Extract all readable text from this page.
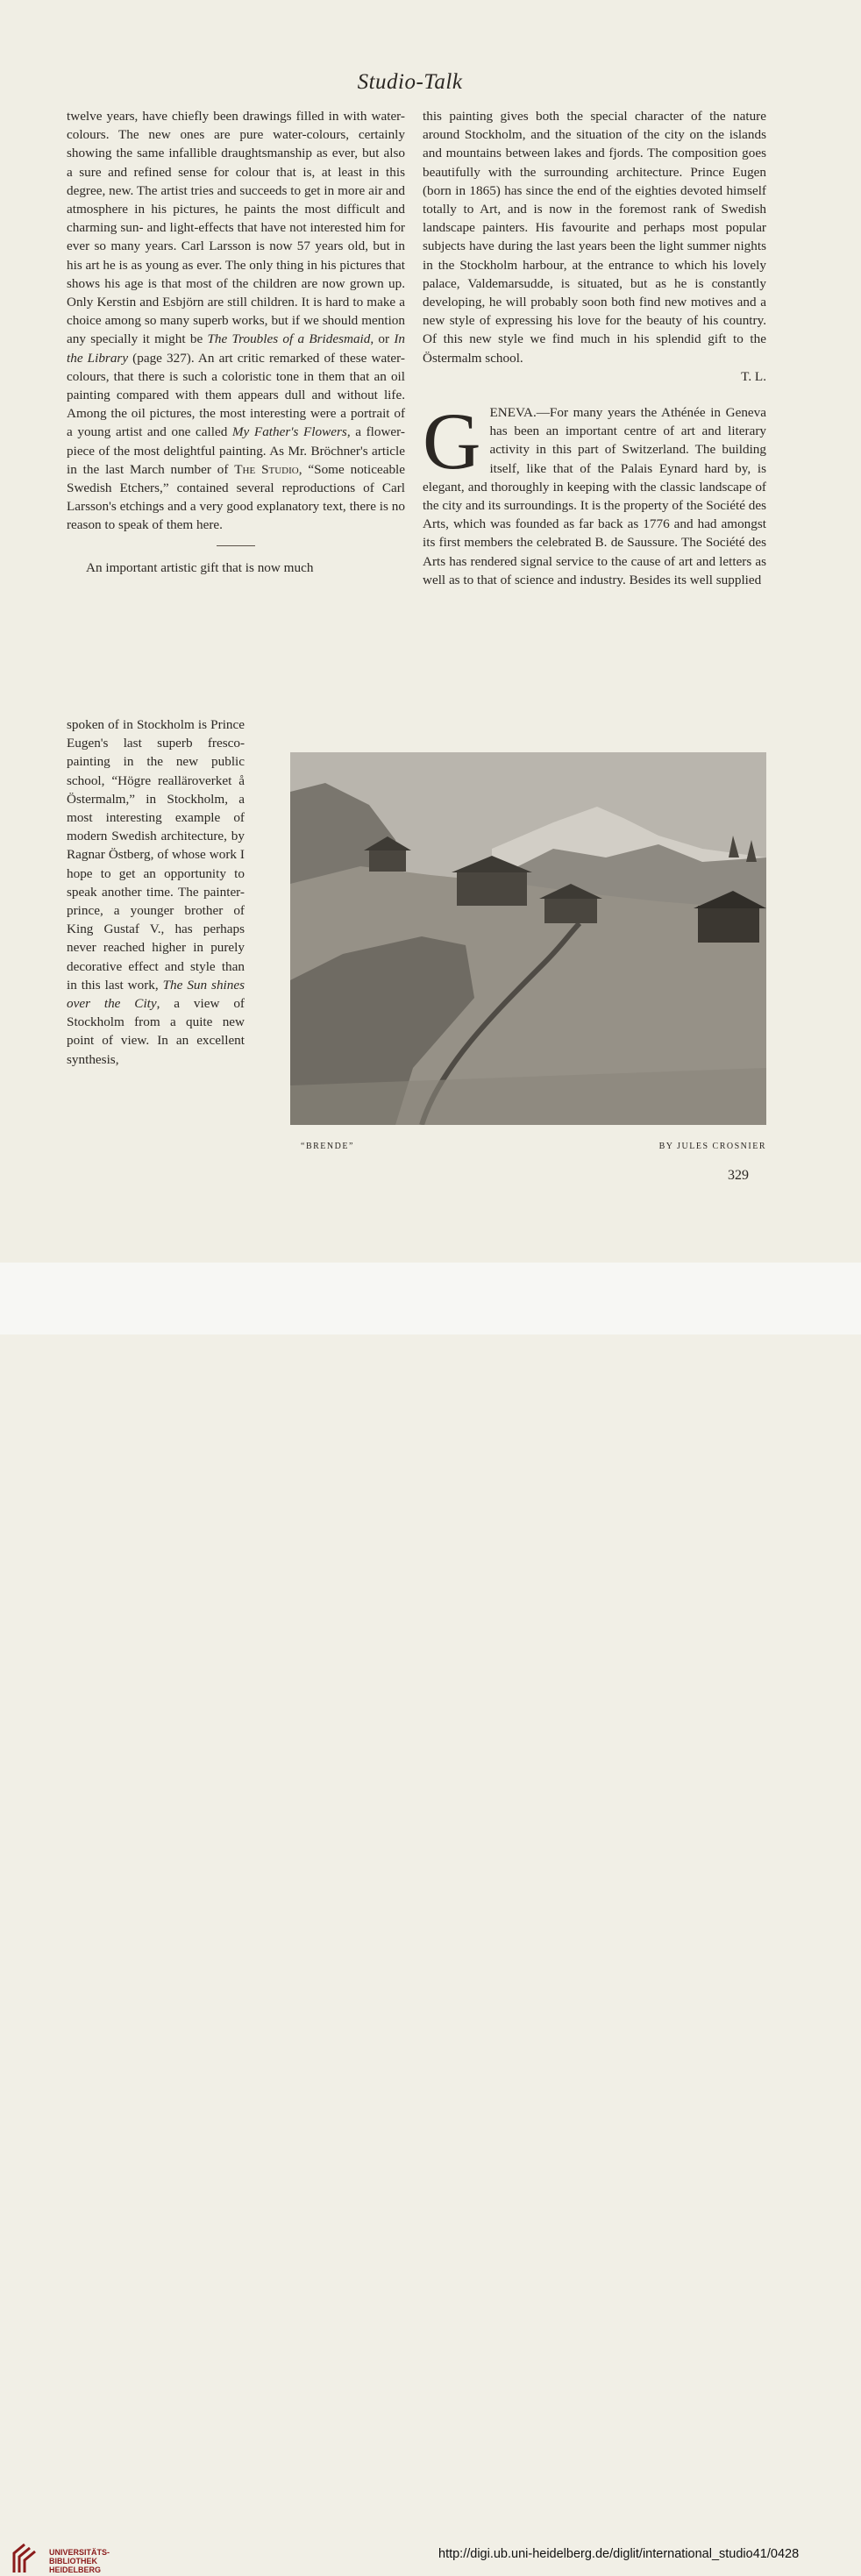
Studio-Talk

twelve years, have chiefly been drawings filled in with water-colours. The new ones are pure water-colours, certainly showing the same infallible draughtsmanship as ever, but also a sure and refined sense for colour that is, at least in this degree, new. The artist tries and succeeds to get in more air and atmosphere in his pictures, he paints the most difficult and charming sun- and light-effects that have not interested him for ever so many years. Carl Larsson is now 57 years old, but in his art he is as young as ever. The only thing in his pictures that shows his age is that most of the children are now grown up. Only Kerstin and Esbjörn are still children. It is hard to make a choice among so many superb works, but if we should mention any specially it might be The Troubles of a Bridesmaid, or In the Library (page 327). An art critic remarked of these water-colours, that there is such a coloristic tone in them that an oil painting compared with them appears dull and without life. Among the oil pictures, the most interesting were a portrait of a young artist and one called My Father's Flowers, a flower-piece of the most delightful painting. As Mr. Bröchner's article in the last March number of The Studio, “Some noticeable Swedish Etchers,” contained several reproductions of Carl Larsson's etchings and a very good explanatory text, there is no reason to speak of them here.

An important artistic gift that is now much

spoken of in Stockholm is Prince Eugen's last superb fresco-painting in the new public school, “Högre realläroverket å Östermalm,” in Stockholm, a most interesting example of modern Swedish architecture, by Ragnar Östberg, of whose work I hope to get an opportunity to speak another time. The painter-prince, a younger brother of King Gustaf V., has perhaps never reached higher in purely decorative effect and style than in this last work, The Sun shines over the City, a view of Stockholm from a quite new point of view. In an excellent synthesis,

this painting gives both the special character of the nature around Stockholm, and the situation of the city on the islands and mountains between lakes and fjords. The composition goes beautifully with the surrounding architecture. Prince Eugen (born in 1865) has since the end of the eighties devoted himself totally to Art, and is now in the foremost rank of Swedish landscape painters. His favourite and perhaps most popular subjects have during the last years been the light summer nights in the Stockholm harbour, at the entrance to which his lovely palace, Valdemarsudde, is situated, but as he is constantly developing, he will probably soon both find new motives and a new style of expressing his love for the beauty of his country. Of this new style we find much in his splendid gift to the Östermalm school.
T. L.

GENEVA.—For many years the Athénée in Geneva has been an important centre of art and literary activity in this part of Switzerland. The building itself, like that of the Palais Eynard hard by, is elegant, and thoroughly in keeping with the classic landscape of the city and its surroundings. It is the property of the Société des Arts, which was founded as far back as 1776 and had amongst its first members the celebrated B. de Saussure. The Société des Arts has rendered signal service to the cause of art and letters as well as to that of science and industry. Besides its well supplied

“BRENDE”	BY JULES CROSNIER
329
UNIVERSITÄTS-
BIBLIOTHEK
HEIDELBERG
http://digi.ub.uni-heidelberg.de/diglit/international_studio41/0428
